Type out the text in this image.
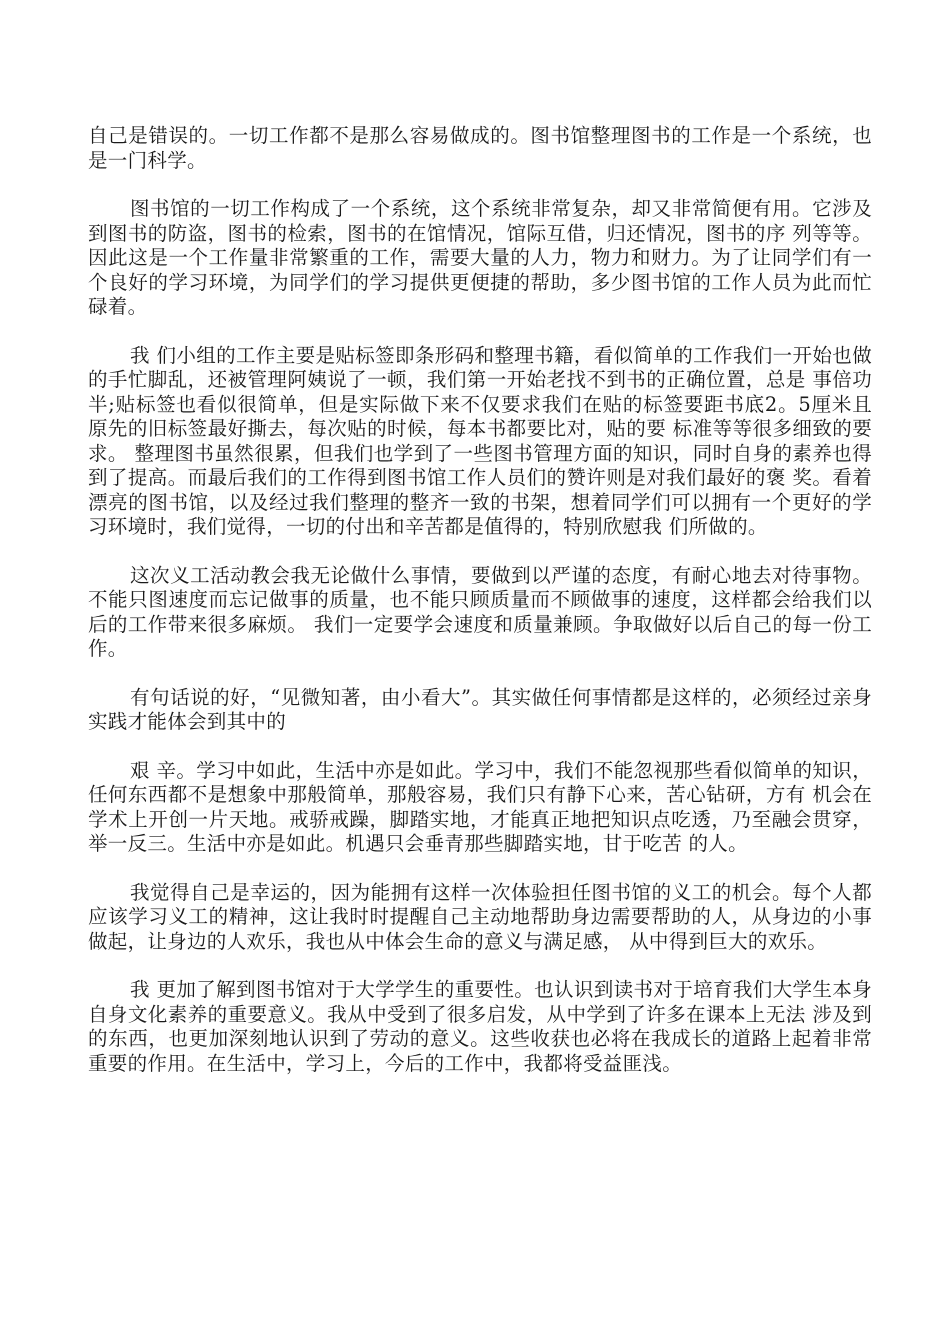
自己是错误的。一切工作都不是那么容易做成的。图书馆整理图书的工作是一个系统，也是一门科学。

图书馆的一切工作构成了一个系统，这个系统非常复杂，却又非常简便有用。它涉及到图书的防盗，图书的检索，图书的在馆情况，馆际互借，归还情况，图书的序 列等等。因此这是一个工作量非常繁重的工作，需要大量的人力，物力和财力。为了让同学们有一个良好的学习环境，为同学们的学习提供更便捷的帮助，多少图书馆的工作人员为此而忙碌着。

我 们小组的工作主要是贴标签即条形码和整理书籍，看似简单的工作我们一开始也做的手忙脚乱，还被管理阿姨说了一顿，我们第一开始老找不到书的正确位置，总是 事倍功半;贴标签也看似很简单，但是实际做下来不仅要求我们在贴的标签要距书底2。5厘米且原先的旧标签最好撕去，每次贴的时候，每本书都要比对，贴的要 标准等等很多细致的要求。 整理图书虽然很累，但我们也学到了一些图书管理方面的知识，同时自身的素养也得到了提高。而最后我们的工作得到图书馆工作人员们的赞许则是对我们最好的褒 奖。看着漂亮的图书馆，以及经过我们整理的整齐一致的书架，想着同学们可以拥有一个更好的学习环境时，我们觉得，一切的付出和辛苦都是值得的，特别欣慰我 们所做的。

这次义工活动教会我无论做什么事情，要做到以严谨的态度，有耐心地去对待事物。不能只图速度而忘记做事的质量，也不能只顾质量而不顾做事的速度，这样都会给我们以后的工作带来很多麻烦。 我们一定要学会速度和质量兼顾。争取做好以后自己的每一份工作。

有句话说的好，“见微知著，由小看大”。其实做任何事情都是这样的，必须经过亲身实践才能体会到其中的

艰 辛。学习中如此，生活中亦是如此。学习中，我们不能忽视那些看似简单的知识，任何东西都不是想象中那般简单，那般容易，我们只有静下心来，苦心钻研，方有 机会在学术上开创一片天地。戒骄戒躁，脚踏实地，才能真正地把知识点吃透，乃至融会贯穿，举一反三。生活中亦是如此。机遇只会垂青那些脚踏实地，甘于吃苦 的人。

我觉得自己是幸运的，因为能拥有这样一次体验担任图书馆的义工的机会。每个人都应该学习义工的精神，这让我时时提醒自己主动地帮助身边需要帮助的人，从身边的小事做起，让身边的人欢乐，我也从中体会生命的意义与满足感， 从中得到巨大的欢乐。

我 更加了解到图书馆对于大学学生的重要性。也认识到读书对于培育我们大学生本身自身文化素养的重要意义。我从中受到了很多启发，从中学到了许多在课本上无法 涉及到的东西，也更加深刻地认识到了劳动的意义。这些收获也必将在我成长的道路上起着非常重要的作用。在生活中，学习上，今后的工作中，我都将受益匪浅。
